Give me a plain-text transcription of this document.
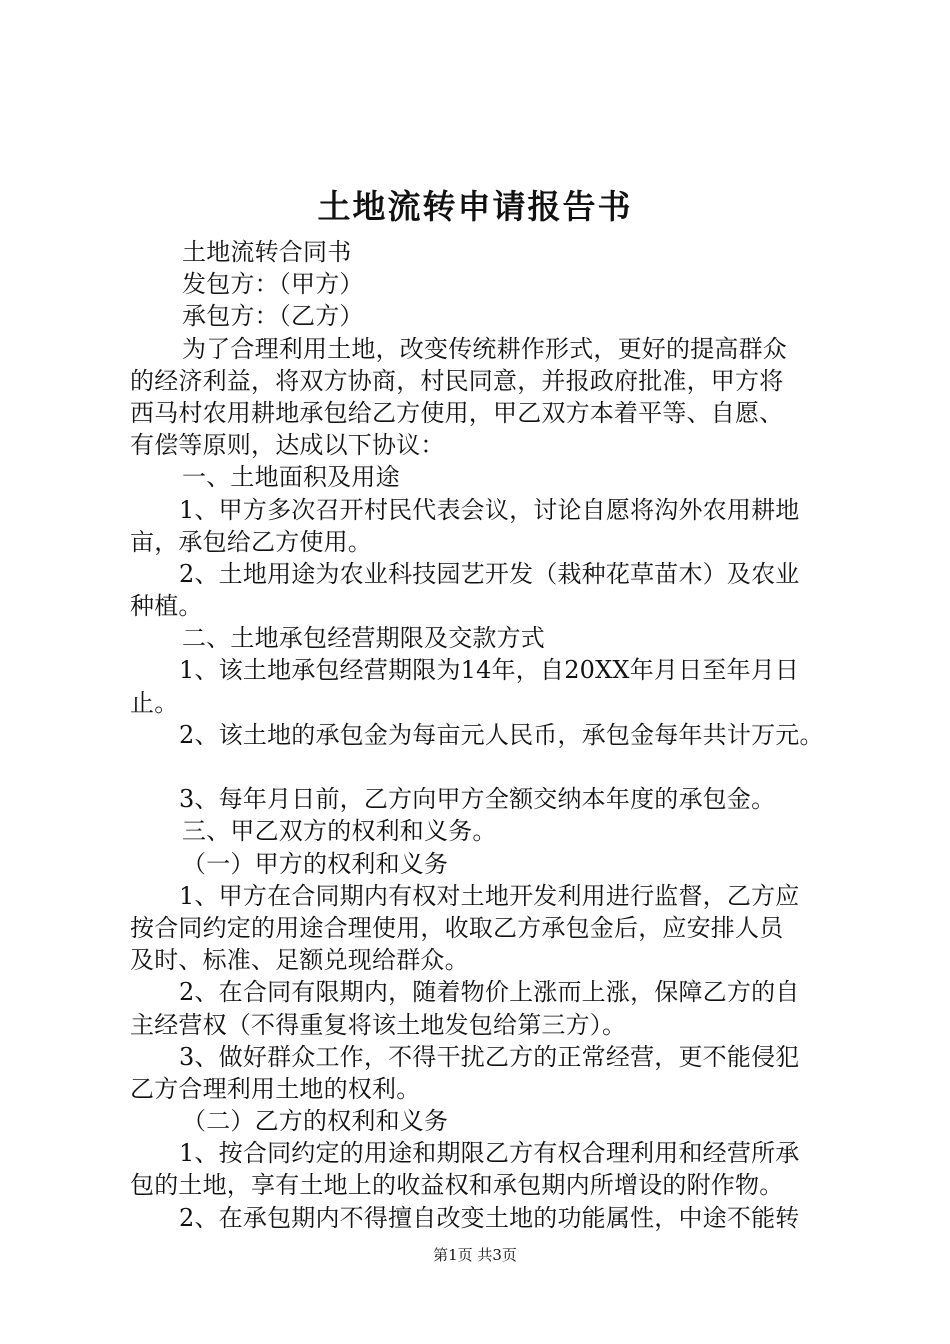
土地流转申请报告书
土地流转合同书
发包方：（甲方）
承包方：（乙方）
为了合理利用土地，改变传统耕作形式，更好的提高群众
的经济利益，将双方协商，村民同意，并报政府批准，甲方将
西马村农用耕地承包给乙方使用，甲乙双方本着平等、自愿、
有偿等原则，达成以下协议：
一、土地面积及用途
1、甲方多次召开村民代表会议，讨论自愿将沟外农用耕地
亩，承包给乙方使用。
2、土地用途为农业科技园艺开发（栽种花草苗木）及农业
种植。
二、土地承包经营期限及交款方式
1、该土地承包经营期限为14年，自20XX年月日至年月日
止。
2、该土地的承包金为每亩元人民币，承包金每年共计万元。
3、每年月日前，乙方向甲方全额交纳本年度的承包金。
三、甲乙双方的权利和义务。
（一）甲方的权利和义务
1、甲方在合同期内有权对土地开发利用进行监督，乙方应
按合同约定的用途合理使用，收取乙方承包金后，应安排人员
及时、标准、足额兑现给群众。
2、在合同有限期内，随着物价上涨而上涨，保障乙方的自
主经营权（不得重复将该土地发包给第三方）。
3、做好群众工作，不得干扰乙方的正常经营，更不能侵犯
乙方合理利用土地的权利。
（二）乙方的权利和义务
1、按合同约定的用途和期限乙方有权合理利用和经营所承
包的土地，享有土地上的收益权和承包期内所增设的附作物。
2、在承包期内不得擅自改变土地的功能属性，中途不能转
第1页 共3页
